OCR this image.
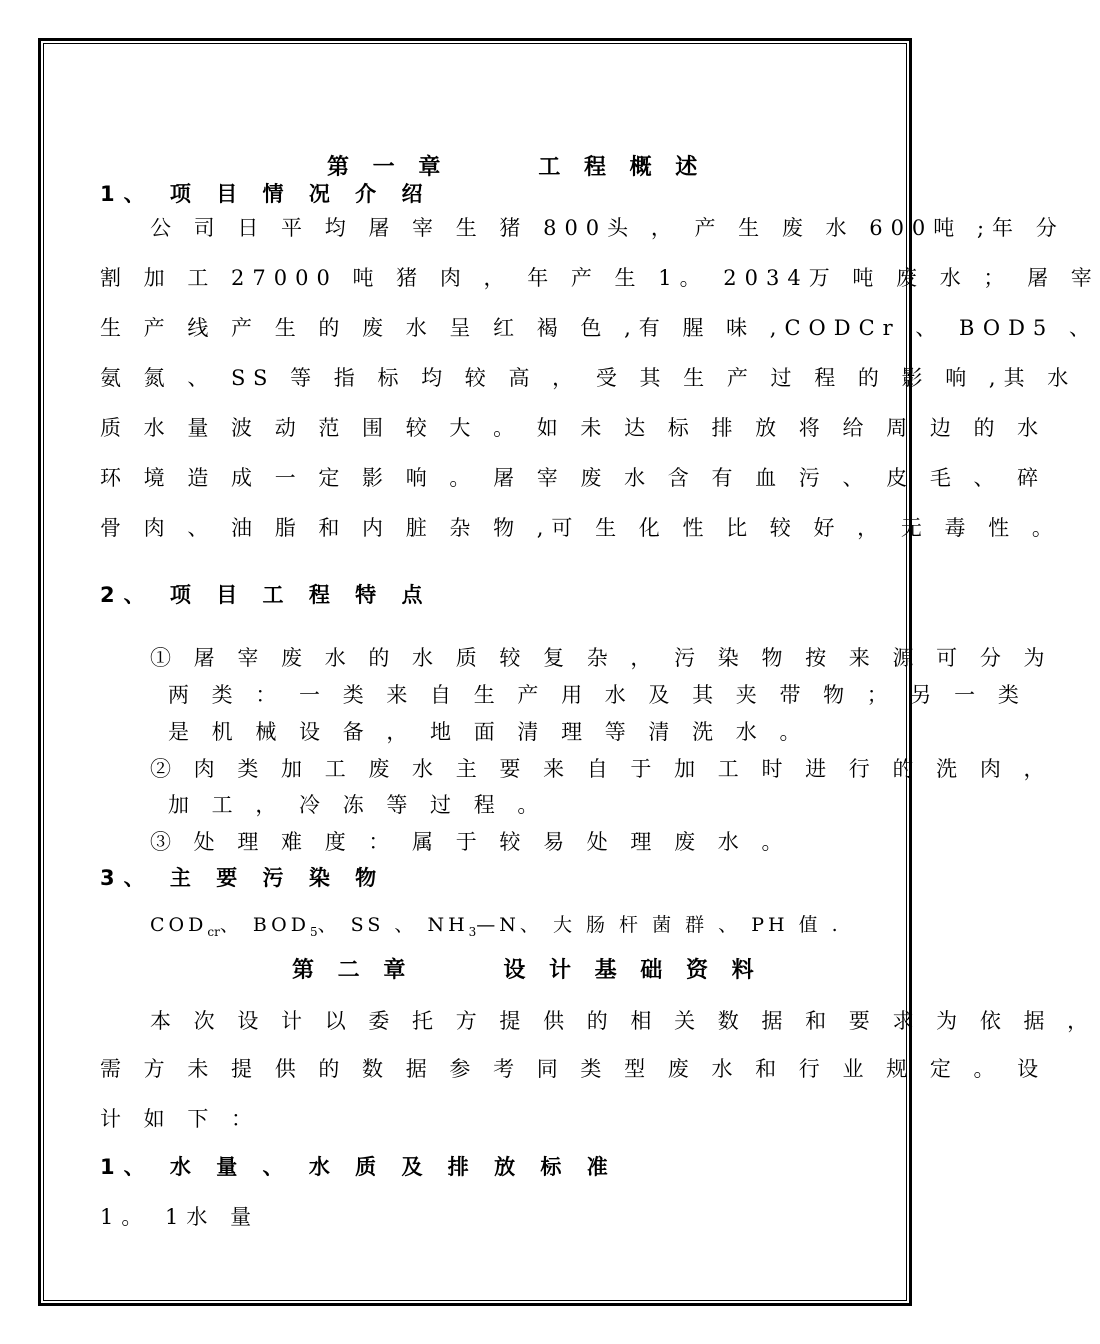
第 一 章　　　工 程 概 述
1、 项 目 情 况 介 绍
公 司 日 平 均 屠 宰 生 猪 800头 ， 产 生 废 水 600吨 ;年 分
割 加 工 27000 吨 猪 肉 ， 年 产 生 1。 2034万 吨 废 水 ； 屠 宰
生 产 线 产 生 的 废 水 呈 红 褐 色 ,有 腥 味 ,CODCr 、 BOD5 、
氨 氮 、 SS 等 指 标 均 较 高 ， 受 其 生 产 过 程 的 影 响 ,其 水
质 水 量 波 动 范 围 较 大 。 如 未 达 标 排 放 将 给 周 边 的 水
环 境 造 成 一 定 影 响 。 屠 宰 废 水 含 有 血 污 、 皮 毛 、 碎
骨 肉 、 油 脂 和 内 脏 杂 物 ,可 生 化 性 比 较 好 ， 无 毒 性 。
2、 项 目 工 程 特 点
① 屠 宰 废 水 的 水 质 较 复 杂 ， 污 染 物 按 来 源 可 分 为
两 类 ： 一 类 来 自 生 产 用 水 及 其 夹 带 物 ； 另 一 类
是 机 械 设 备 ， 地 面 清 理 等 清 洗 水 。
② 肉 类 加 工 废 水 主 要 来 自 于 加 工 时 进 行 的 洗 肉 ，
加 工 ， 冷 冻 等 过 程 。
③ 处 理 难 度 ： 属 于 较 易 处 理 废 水 。
3、 主 要 污 染 物
$COD_{cr}$、 $BOD_5$、 SS 、 $NH_3—N$、 大 肠 杆 菌 群 、 PH 值 .
第 二 章　　　设 计 基 础 资 料
本 次 设 计 以 委 托 方 提 供 的 相 关 数 据 和 要 求 为 依 据 ，
需 方 未 提 供 的 数 据 参 考 同 类 型 废 水 和 行 业 规 定 。 设
计 如 下 ：
1、 水 量 、 水 质 及 排 放 标 准
1。 1水 量
